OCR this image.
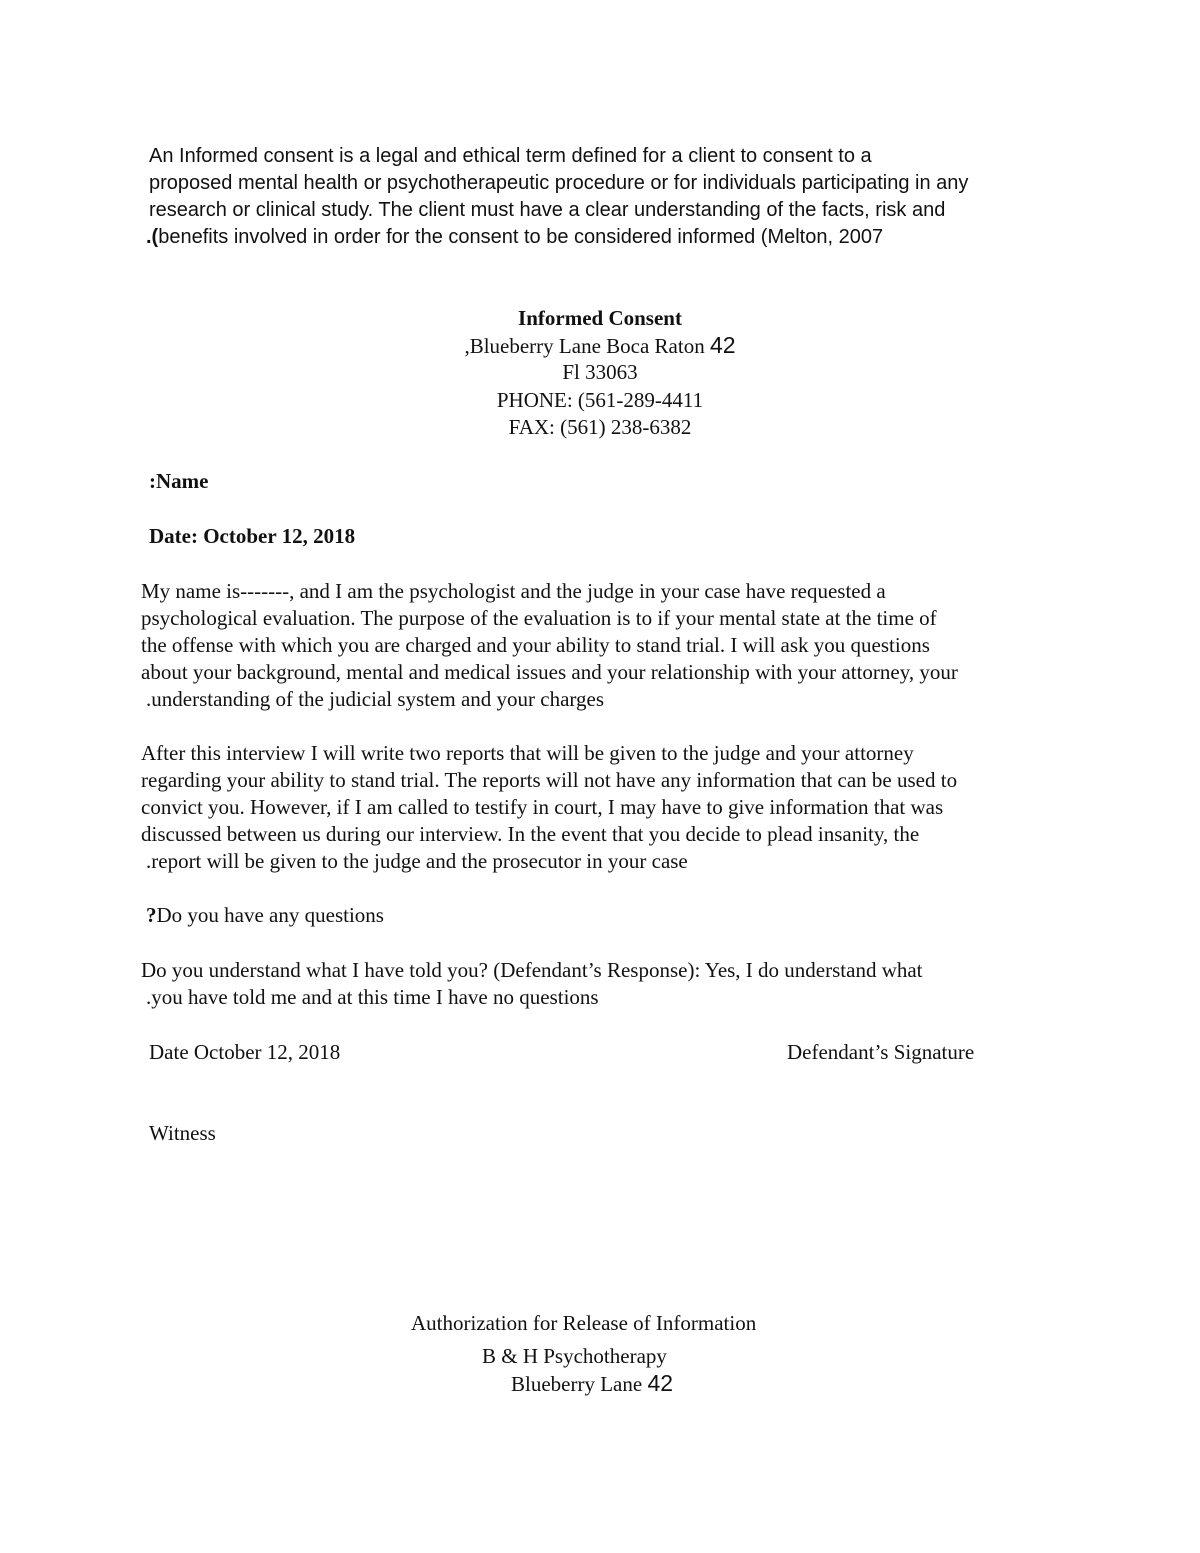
An Informed consent is a legal and ethical term defined for a client to consent to a
proposed mental health or psychotherapeutic procedure or for individuals participating in any
research or clinical study. The client must have a clear understanding of the facts, risk and
.(benefits involved in order for the consent to be considered informed (Melton, 2007
Informed Consent
,Blueberry Lane Boca Raton 42
Fl 33063
PHONE: (561-289-4411
FAX: (561) 238-6382
:Name
Date: October 12, 2018
My name is-------, and I am the psychologist and the judge in your case have requested a
psychological evaluation. The purpose of the evaluation is to if your mental state at the time of
the offense with which you are charged and your ability to stand trial. I will ask you questions
about your background, mental and medical issues and your relationship with your attorney, your
.understanding of the judicial system and your charges
After this interview I will write two reports that will be given to the judge and your attorney
regarding your ability to stand trial. The reports will not have any information that can be used to
convict you. However, if I am called to testify in court, I may have to give information that was
discussed between us during our interview. In the event that you decide to plead insanity, the
.report will be given to the judge and the prosecutor in your case
?Do you have any questions
Do you understand what I have told you? (Defendant’s Response): Yes, I do understand what
.you have told me and at this time I have no questions
Date October 12, 2018	Defendant’s Signature
Witness
Authorization for Release of Information
B & H Psychotherapy
Blueberry Lane 42
